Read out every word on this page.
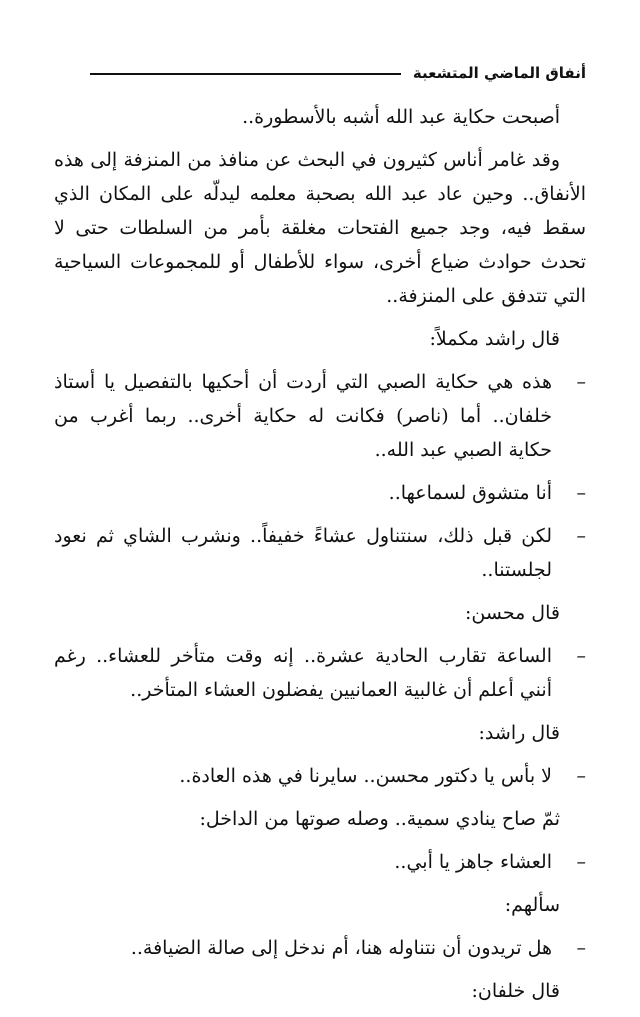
أنفاق الماضي المتشعبة

أصبحت حكاية عبد الله أشبه بالأسطورة..

وقد غامر أناس كثيرون في البحث عن منافذ من المنزفة إلى هذه الأنفاق.. وحين عاد عبد الله بصحبة معلمه ليدلّه على المكان الذي سقط فيه، وجد جميع الفتحات مغلقة بأمر من السلطات حتى لا تحدث حوادث ضياع أخرى، سواء للأطفال أو للمجموعات السياحية التي تتدفق على المنزفة..

قال راشد مكملاً:

–
هذه هي حكاية الصبي التي أردت أن أحكيها بالتفصيل يا أستاذ خلفان.. أما (ناصر) فكانت له حكاية أخرى.. ربما أغرب من حكاية الصبي عبد الله..
–
أنا متشوق لسماعها..
–
لكن قبل ذلك، سنتناول عشاءً خفيفاً.. ونشرب الشاي ثم نعود لجلستنا..

قال محسن:

–
الساعة تقارب الحادية عشرة.. إنه وقت متأخر للعشاء.. رغم أنني أعلم أن غالبية العمانيين يفضلون العشاء المتأخر..

قال راشد:

–
لا بأس يا دكتور محسن.. سايرنا في هذه العادة..

ثمّ صاح ينادي سمية.. وصله صوتها من الداخل:

–
العشاء جاهز يا أبي..

سألهم:

–
هل تريدون أن نتناوله هنا، أم ندخل إلى صالة الضيافة..

قال خلفان:
